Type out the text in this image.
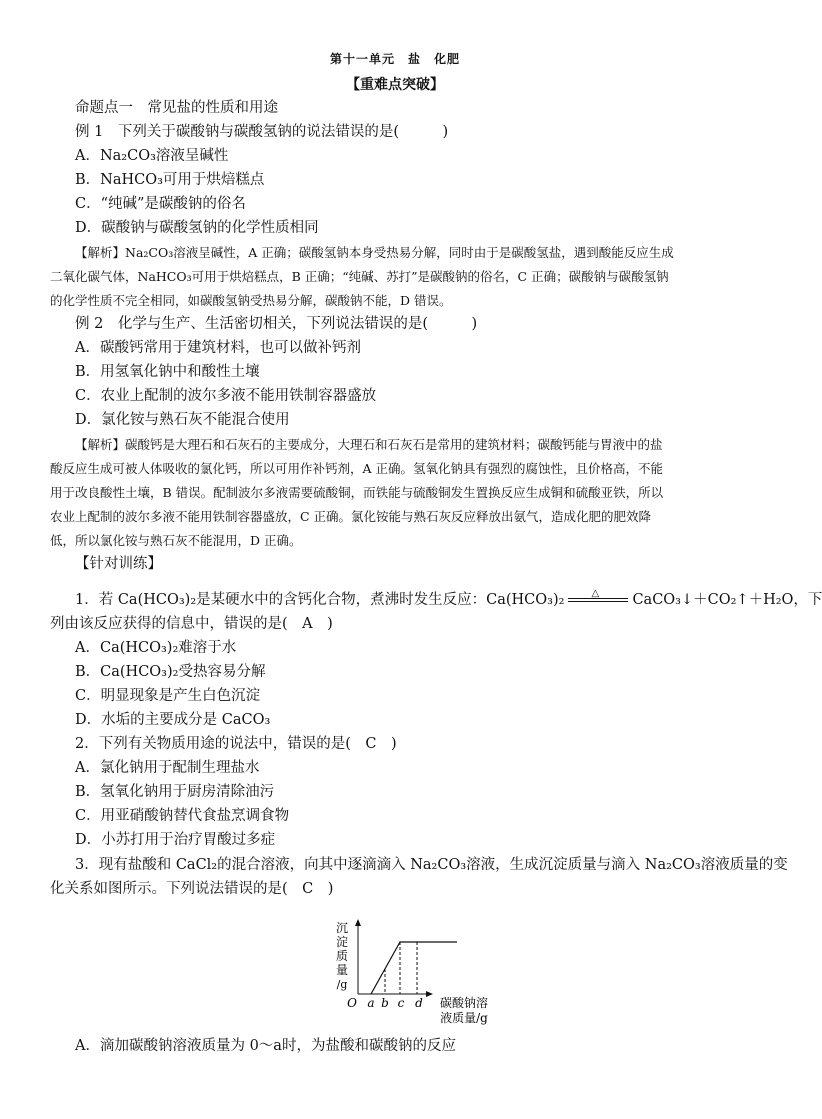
第十一单元　盐　化肥
【重难点突破】
命题点一　常见盐的性质和用途
例 1　下列关于碳酸钠与碳酸氢钠的说法错误的是(　　　)
A．Na₂CO₃溶液呈碱性
B．NaHCO₃可用于烘焙糕点
C．“纯碱”是碳酸钠的俗名
D．碳酸钠与碳酸氢钠的化学性质相同
【解析】Na₂CO₃溶液呈碱性，A 正确；碳酸氢钠本身受热易分解，同时由于是碳酸氢盐，遇到酸能反应生成
二氧化碳气体，NaHCO₃可用于烘焙糕点，B 正确；“纯碱、苏打”是碳酸钠的俗名，C 正确；碳酸钠与碳酸氢钠
的化学性质不完全相同，如碳酸氢钠受热易分解，碳酸钠不能，D 错误。
例 2　化学与生产、生活密切相关，下列说法错误的是(　　　)
A．碳酸钙常用于建筑材料，也可以做补钙剂
B．用氢氧化钠中和酸性土壤
C．农业上配制的波尔多液不能用铁制容器盛放
D．氯化铵与熟石灰不能混合使用
【解析】碳酸钙是大理石和石灰石的主要成分，大理石和石灰石是常用的建筑材料；碳酸钙能与胃液中的盐
酸反应生成可被人体吸收的氯化钙，所以可用作补钙剂，A 正确。氢氧化钠具有强烈的腐蚀性，且价格高，不能
用于改良酸性土壤，B 错误。配制波尔多液需要硫酸铜，而铁能与硫酸铜发生置换反应生成铜和硫酸亚铁，所以
农业上配制的波尔多液不能用铁制容器盛放，C 正确。氯化铵能与熟石灰反应释放出氨气，造成化肥的肥效降
低，所以氯化铵与熟石灰不能混用，D 正确。
【针对训练】
1．若 Ca(HCO₃)₂是某硬水中的含钙化合物，煮沸时发生反应：Ca(HCO₃)₂	△ CaCO₃↓＋CO₂↑＋H₂O，下
列由该反应获得的信息中，错误的是(　A　)
A．Ca(HCO₃)₂难溶于水
B．Ca(HCO₃)₂受热容易分解
C．明显现象是产生白色沉淀
D．水垢的主要成分是 CaCO₃
2．下列有关物质用途的说法中，错误的是(　C　)
A．氯化钠用于配制生理盐水
B．氢氧化钠用于厨房清除油污
C．用亚硝酸钠替代食盐烹调食物
D．小苏打用于治疗胃酸过多症
3．现有盐酸和 CaCl₂的混合溶液，向其中逐滴滴入 Na₂CO₃溶液，生成沉淀质量与滴入 Na₂CO₃溶液质量的变
化关系如图所示。下列说法错误的是(　C　)
沉
淀
质
量
/g
O a b c d 碳酸钠溶
液质量/g
A．滴加碳酸钠溶液质量为 0～a时，为盐酸和碳酸钠的反应
